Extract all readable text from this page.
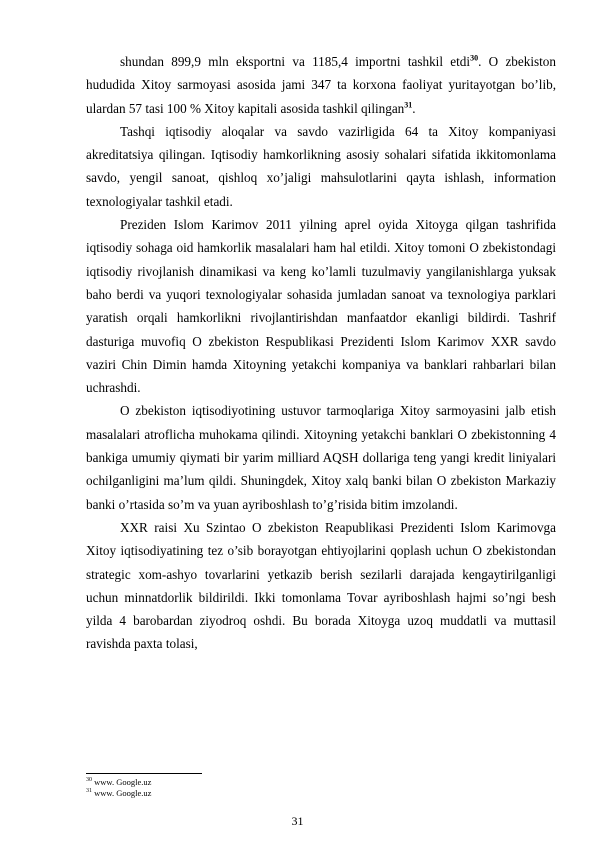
shundan 899,9 mln eksportni va 1185,4 importni tashkil etdi$^{30}$. O zbekiston hududida Xitoy sarmoyasi asosida jami 347 ta korxona faoliyat yuritayotgan bo’lib, ulardan 57 tasi 100 % Xitoy kapitali asosida tashkil qilingan$^{31}$.

Tashqi iqtisodiy aloqalar va savdo vazirligida 64 ta Xitoy kompaniyasi akreditatsiya qilingan. Iqtisodiy hamkorlikning asosiy sohalari sifatida ikkitomonlama savdo, yengil sanoat, qishloq xo’jaligi mahsulotlarini qayta ishlash, information texnologiyalar tashkil etadi.

Preziden Islom Karimov 2011 yilning aprel oyida Xitoyga qilgan tashrifida iqtisodiy sohaga oid hamkorlik masalalari ham hal etildi. Xitoy tomoni O zbekistondagi iqtisodiy rivojlanish dinamikasi va keng ko’lamli tuzulmaviy yangilanishlarga yuksak baho berdi va yuqori texnologiyalar sohasida jumladan sanoat va texnologiya parklari yaratish orqali hamkorlikni rivojlantirishdan manfaatdor ekanligi bildirdi. Tashrif dasturiga muvofiq O zbekiston Respublikasi Prezidenti Islom Karimov XXR savdo vaziri Chin Dimin hamda Xitoyning yetakchi kompaniya va banklari rahbarlari bilan uchrashdi.

O zbekiston iqtisodiyotining ustuvor tarmoqlariga Xitoy sarmoyasini jalb etish masalalari atroflicha muhokama qilindi. Xitoyning yetakchi banklari O zbekistonning 4 bankiga umumiy qiymati bir yarim milliard AQSH dollariga teng yangi kredit liniyalari ochilganligini ma’lum qildi. Shuningdek, Xitoy xalq banki bilan O zbekiston Markaziy banki o’rtasida so’m va yuan ayriboshlash to’g’risida bitim imzolandi.

XXR raisi Xu Szintao O zbekiston Reapublikasi Prezidenti Islom Karimovga Xitoy iqtisodiyatining tez o’sib borayotgan ehtiyojlarini qoplash uchun O zbekistondan strategic xom-ashyo tovarlarini yetkazib berish sezilarli darajada kengaytirilganligi uchun minnatdorlik bildirildi. Ikki tomonlama Tovar ayriboshlash hajmi so’ngi besh yilda 4 barobardan ziyodroq oshdi. Bu borada Xitoyga uzoq muddatli va muttasil ravishda paxta tolasi,

$^{30}$ www. Google.uz
$^{31}$ www. Google.uz
31
